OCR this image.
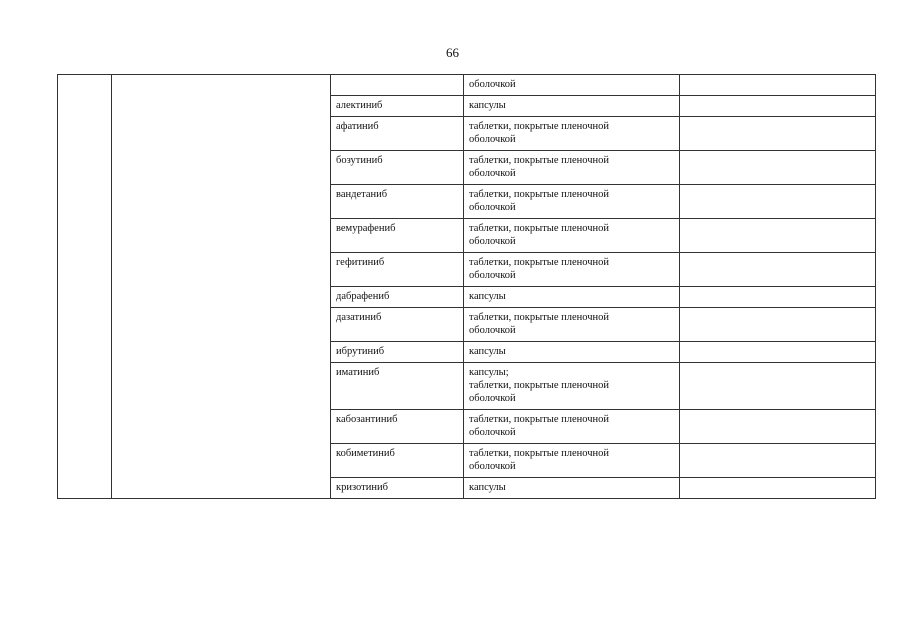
66
			оболочкой	
		алектиниб	капсулы	
		афатиниб	таблетки, покрытые пленочной
оболочкой	
		бозутиниб	таблетки, покрытые пленочной
оболочкой	
		вандетаниб	таблетки, покрытые пленочной
оболочкой	
		вемурафениб	таблетки, покрытые пленочной
оболочкой	
		гефитиниб	таблетки, покрытые пленочной
оболочкой	
		дабрафениб	капсулы	
		дазатиниб	таблетки, покрытые пленочной
оболочкой	
		ибрутиниб	капсулы	
		иматиниб	капсулы;
таблетки, покрытые пленочной
оболочкой	
		кабозантиниб	таблетки, покрытые пленочной
оболочкой	
		кобиметиниб	таблетки, покрытые пленочной
оболочкой	
		кризотиниб	капсулы	
